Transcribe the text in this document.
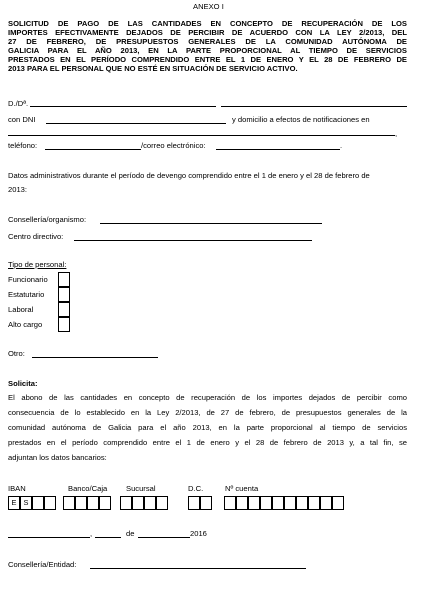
ANEXO I
SOLICITUD DE PAGO DE LAS CANTIDADES EN CONCEPTO DE RECUPERACIÓN DE LOS
IMPORTES EFECTIVAMENTE DEJADOS DE PERCIBIR DE ACUERDO CON LA LEY 2/2013, DEL
27 DE FEBRERO, DE PRESUPUESTOS GENERALES DE LA COMUNIDAD AUTÓNOMA DE
GALICIA PARA EL AÑO 2013, EN LA PARTE PROPORCIONAL AL TIEMPO DE SERVICIOS
PRESTADOS EN EL PERÍODO COMPRENDIDO ENTRE EL 1 DE ENERO Y EL 28 DE FEBRERO DE
2013 PARA EL PERSONAL QUE NO ESTÉ EN SITUACIÓN DE SERVICIO ACTIVO.
D./Dª.
con DNI	y domicilio a efectos de notificaciones en
,
teléfono:	/correo electrónico:	.
Datos administrativos durante el período de devengo comprendido entre el 1 de enero y el 28 de febrero de
2013:
Consellería/organismo:
Centro directivo:
Tipo de personal:
Funcionario
Estatutario
Laboral
Alto cargo
Otro:
Solicita:
El abono de las cantidades en concepto de recuperación de los importes dejados de percibir como
consecuencia de lo establecido en la Ley 2/2013, de 27 de febrero, de presupuestos generales de la
comunidad autónoma de Galicia para el año 2013, en la parte proporcional al tiempo de servicios
prestados en el período comprendido entre el 1 de enero y el 28 de febrero de 2013 y, a tal fin, se
adjuntan los datos bancarios:
IBAN	Banco/Caja Sucursal	D.C.	Nº cuenta
E S
,	de	2016
Consellería/Entidad:
